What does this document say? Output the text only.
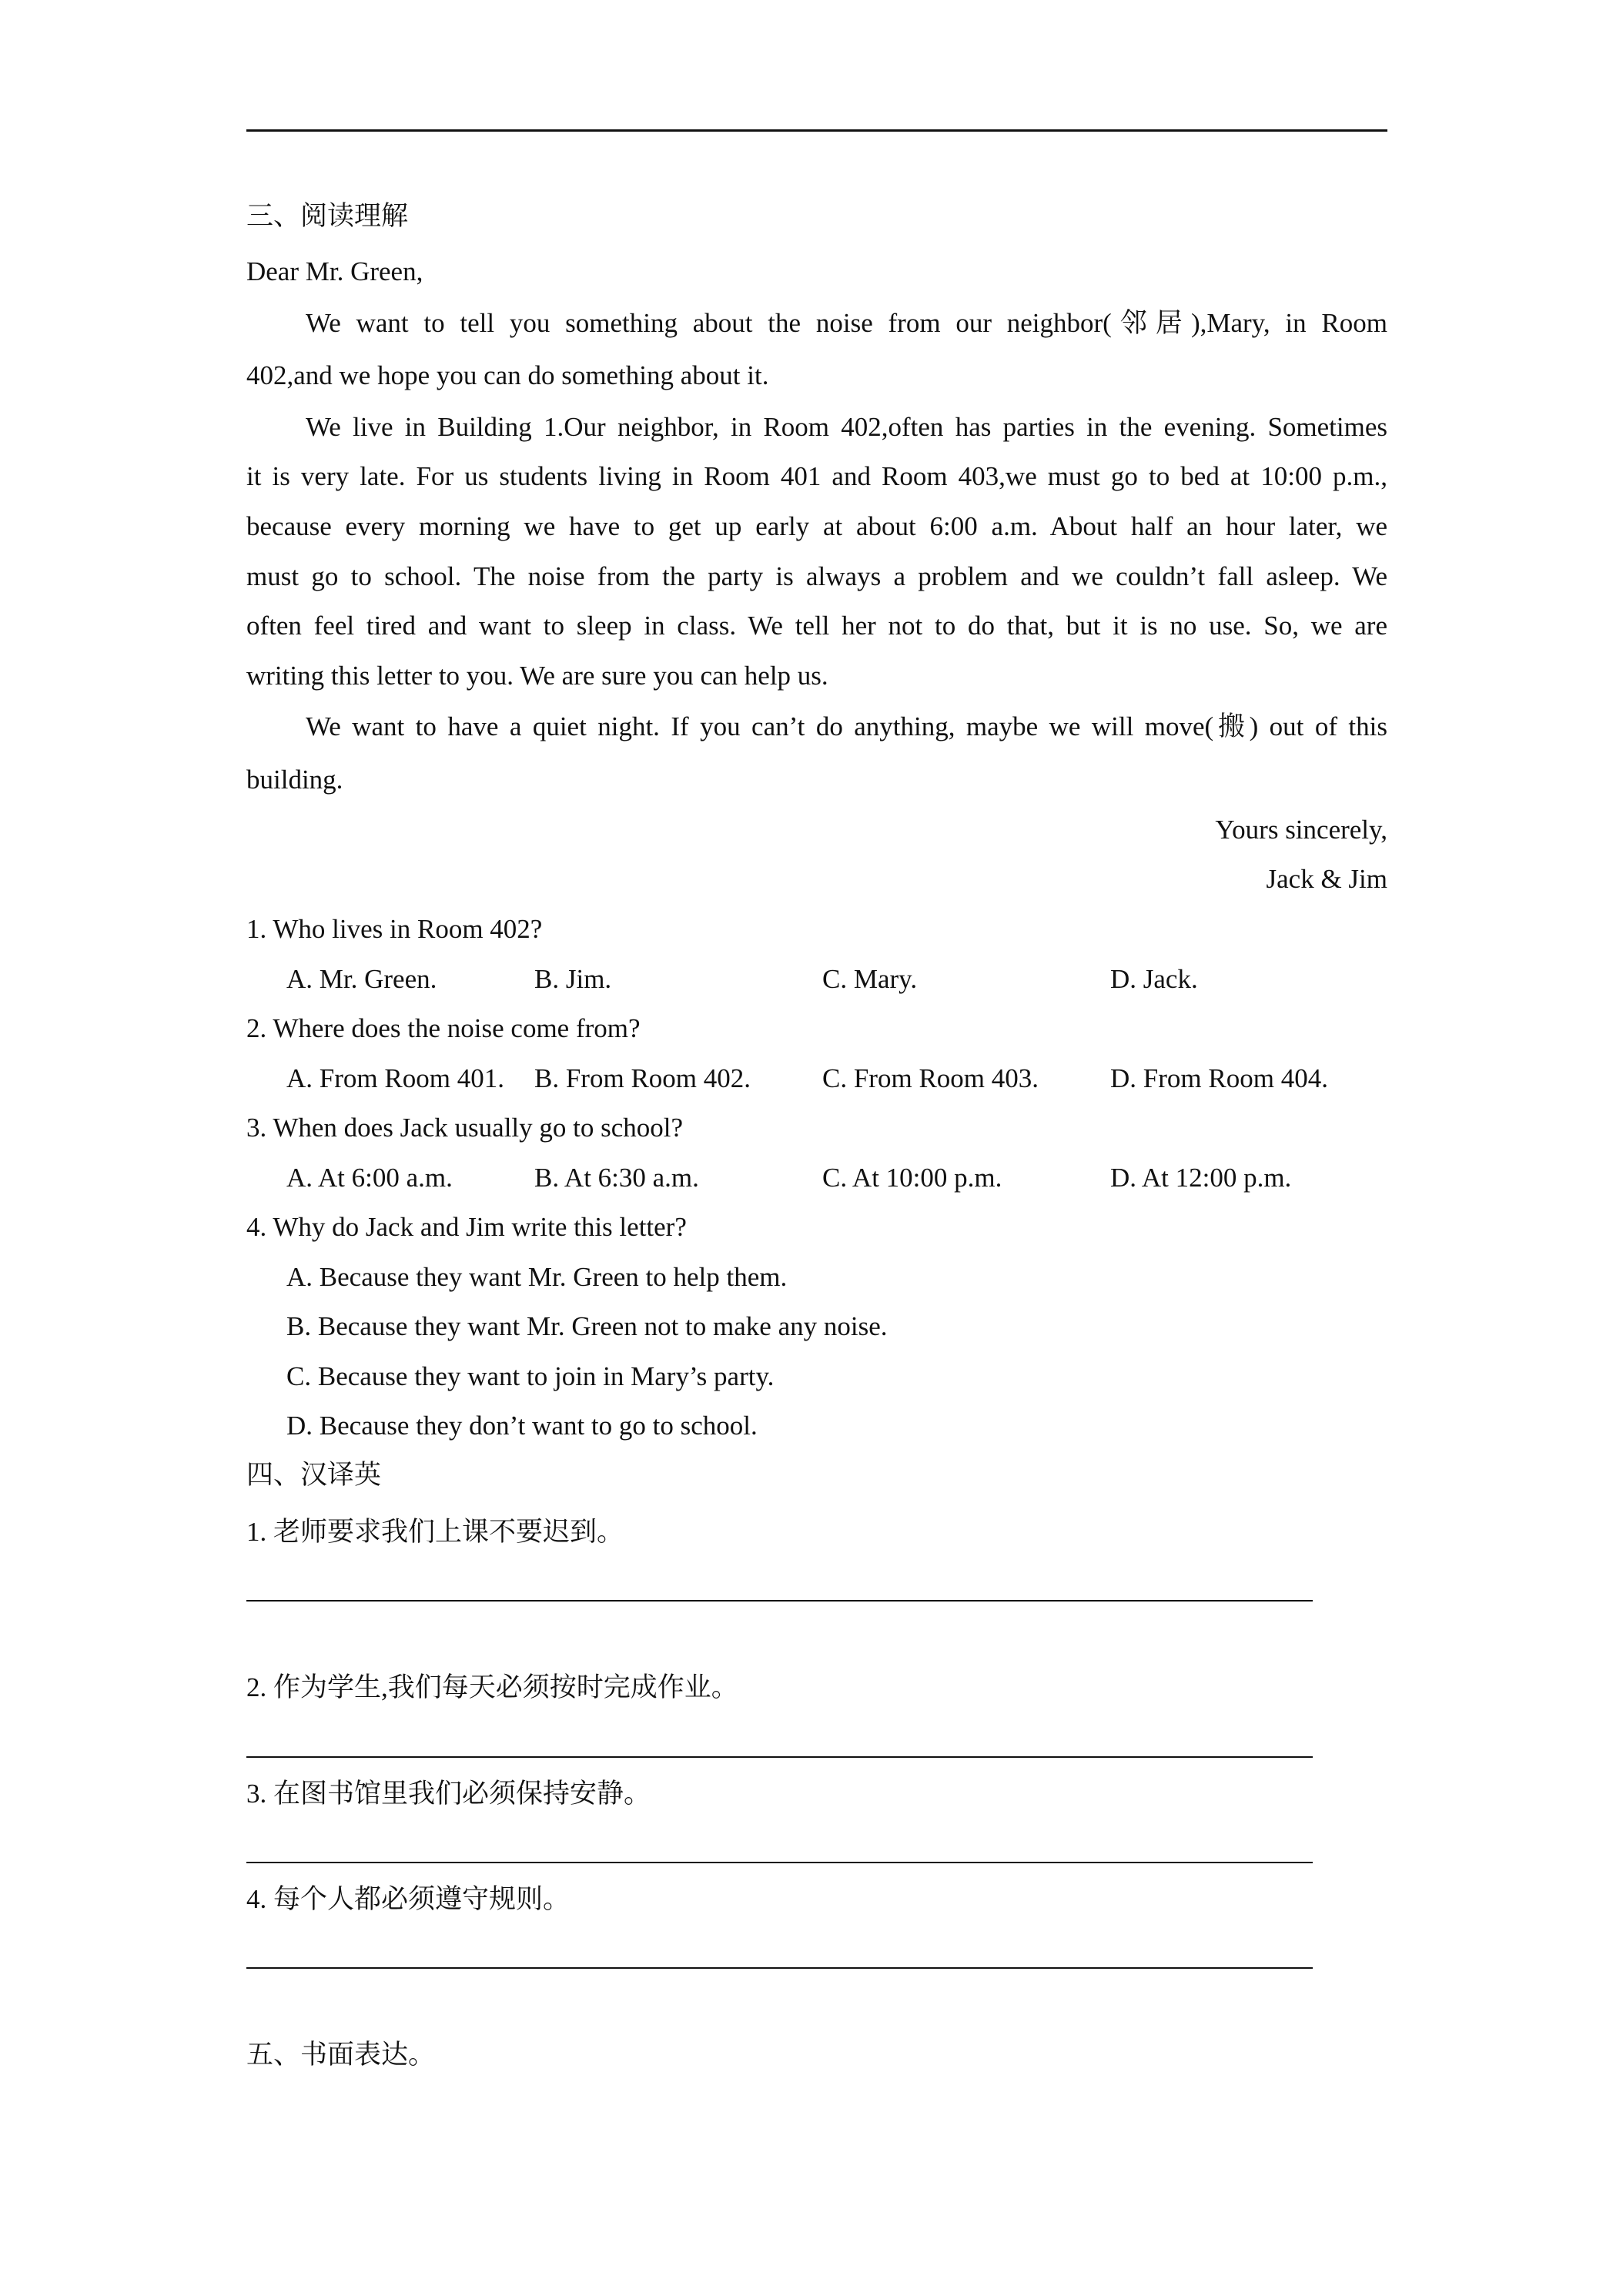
三、阅读理解
Dear Mr. Green,
We want to tell you something about the noise from our neighbor(邻居),Mary, in Room
402,and we hope you can do something about it.
We live in Building 1.Our neighbor, in Room 402,often has parties in the evening. Sometimes
it is very late. For us students living in Room 401 and Room 403,we must go to bed at 10:00 p.m.,
because every morning we have to get up early at about 6:00 a.m. About half an hour later, we
must go to school. The noise from the party is always a problem and we couldn’t fall asleep. We
often feel tired and want to sleep in class. We tell her not to do that, but it is no use. So, we are
writing this letter to you. We are sure you can help us.
We want to have a quiet night. If you can’t do anything, maybe we will move(搬) out of this
building.
Yours sincerely,
Jack & Jim
1. Who lives in Room 402?
A. Mr. Green.	B. Jim.	C. Mary.	D. Jack.
2. Where does the noise come from?
A. From Room 401. B. From Room 402.	C. From Room 403.	D. From Room 404.
3. When does Jack usually go to school?
A. At 6:00 a.m.	B. At 6:30 a.m.	C. At 10:00 p.m.	D. At 12:00 p.m.
4. Why do Jack and Jim write this letter?
A. Because they want Mr. Green to help them.
B. Because they want Mr. Green not to make any noise.
C. Because they want to join in Mary’s party.
D. Because they don’t want to go to school.
四、汉译英
1. 老师要求我们上课不要迟到。
2. 作为学生,我们每天必须按时完成作业。
3. 在图书馆里我们必须保持安静。
4. 每个人都必须遵守规则。
五、书面表达。
